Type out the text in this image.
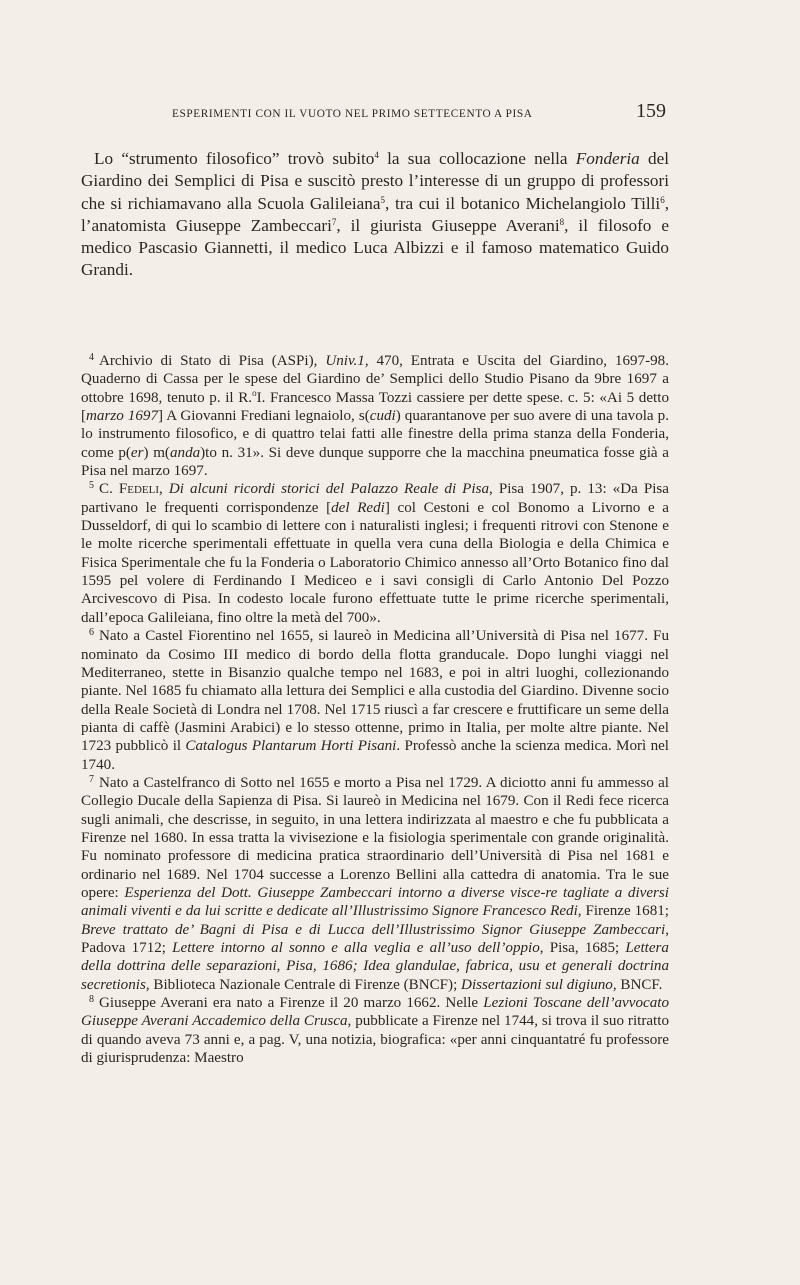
ESPERIMENTI CON IL VUOTO NEL PRIMO SETTECENTO A PISA	159

Lo “strumento filosofico” trovò subito$^4$ la sua collocazione nella Fonderia del Giardino dei Semplici di Pisa e suscitò presto l’interesse di un gruppo di professori che si richiamavano alla Scuola Galileiana$^5$, tra cui il botanico Michelangiolo Tilli$^6$, l’anatomista Giuseppe Zambeccari$^7$, il giurista Giuseppe Averani$^8$, il filosofo e medico Pascasio Giannetti, il medico Luca Albizzi e il famoso matematico Guido Grandi.

$^4$ Archivio di Stato di Pisa (ASPi), Univ.1, 470, Entrata e Uscita del Giardino, 1697-98. Quaderno di Cassa per le spese del Giardino de’ Semplici dello Studio Pisano da 9bre 1697 a ottobre 1698, tenuto p. il R.$^o$I. Francesco Massa Tozzi cassiere per dette spese. c. 5: «Ai 5 detto [marzo 1697] A Giovanni Frediani legnaiolo, s(cudi) quarantanove per suo avere di una tavola p. lo instrumento filosofico, e di quattro telai fatti alle finestre della prima stanza della Fonderia, come p(er) m(anda)to n. 31». Si deve dunque supporre che la macchina pneumatica fosse già a Pisa nel marzo 1697.

$^5$ C. Fedeli, Di alcuni ricordi storici del Palazzo Reale di Pisa, Pisa 1907, p. 13: «Da Pisa partivano le frequenti corrispondenze [del Redi] col Cestoni e col Bonomo a Livorno e a Dusseldorf, di qui lo scambio di lettere con i naturalisti inglesi; i frequenti ritrovi con Stenone e le molte ricerche sperimentali effettuate in quella vera cuna della Biologia e della Chimica e Fisica Sperimentale che fu la Fonderia o Laboratorio Chimico annesso all’Orto Botanico fino dal 1595 pel volere di Ferdinando I Mediceo e i savi consigli di Carlo Antonio Del Pozzo Arcivescovo di Pisa. In codesto locale furono effettuate tutte le prime ricerche sperimentali, dall’epoca Galileiana, fino oltre la metà del 700».

$^6$ Nato a Castel Fiorentino nel 1655, si laureò in Medicina all’Università di Pisa nel 1677. Fu nominato da Cosimo III medico di bordo della flotta granducale. Dopo lunghi viaggi nel Mediterraneo, stette in Bisanzio qualche tempo nel 1683, e poi in altri luoghi, collezionando piante. Nel 1685 fu chiamato alla lettura dei Semplici e alla custodia del Giardino. Divenne socio della Reale Società di Londra nel 1708. Nel 1715 riuscì a far crescere e fruttificare un seme della pianta di caffè (Jasmini Arabici) e lo stesso ottenne, primo in Italia, per molte altre piante. Nel 1723 pubblicò il Catalogus Plantarum Horti Pisani. Professò anche la scienza medica. Morì nel 1740.

$^7$ Nato a Castelfranco di Sotto nel 1655 e morto a Pisa nel 1729. A diciotto anni fu ammesso al Collegio Ducale della Sapienza di Pisa. Si laureò in Medicina nel 1679. Con il Redi fece ricerca sugli animali, che descrisse, in seguito, in una lettera indirizzata al maestro e che fu pubblicata a Firenze nel 1680. In essa tratta la vivisezione e la fisiologia sperimentale con grande originalità. Fu nominato professore di medicina pratica straordinario dell’Università di Pisa nel 1681 e ordinario nel 1689. Nel 1704 successe a Lorenzo Bellini alla cattedra di anatomia. Tra le sue opere: Esperienza del Dott. Giuseppe Zambeccari intorno a diverse visce-re tagliate a diversi animali viventi e da lui scritte e dedicate all’Illustrissimo Signore Francesco Redi, Firenze 1681; Breve trattato de’ Bagni di Pisa e di Lucca dell’Illustrissimo Signor Giuseppe Zambeccari, Padova 1712; Lettere intorno al sonno e alla veglia e all’uso dell’oppio, Pisa, 1685; Lettera della dottrina delle separazioni, Pisa, 1686; Idea glandulae, fabrica, usu et generali doctrina secretionis, Biblioteca Nazionale Centrale di Firenze (BNCF); Dissertazioni sul digiuno, BNCF.

$^8$ Giuseppe Averani era nato a Firenze il 20 marzo 1662. Nelle Lezioni Toscane dell’avvocato Giuseppe Averani Accademico della Crusca, pubblicate a Firenze nel 1744, si trova il suo ritratto di quando aveva 73 anni e, a pag. V, una notizia, biografica: «per anni cinquantatré fu professore di giurisprudenza: Maestro
